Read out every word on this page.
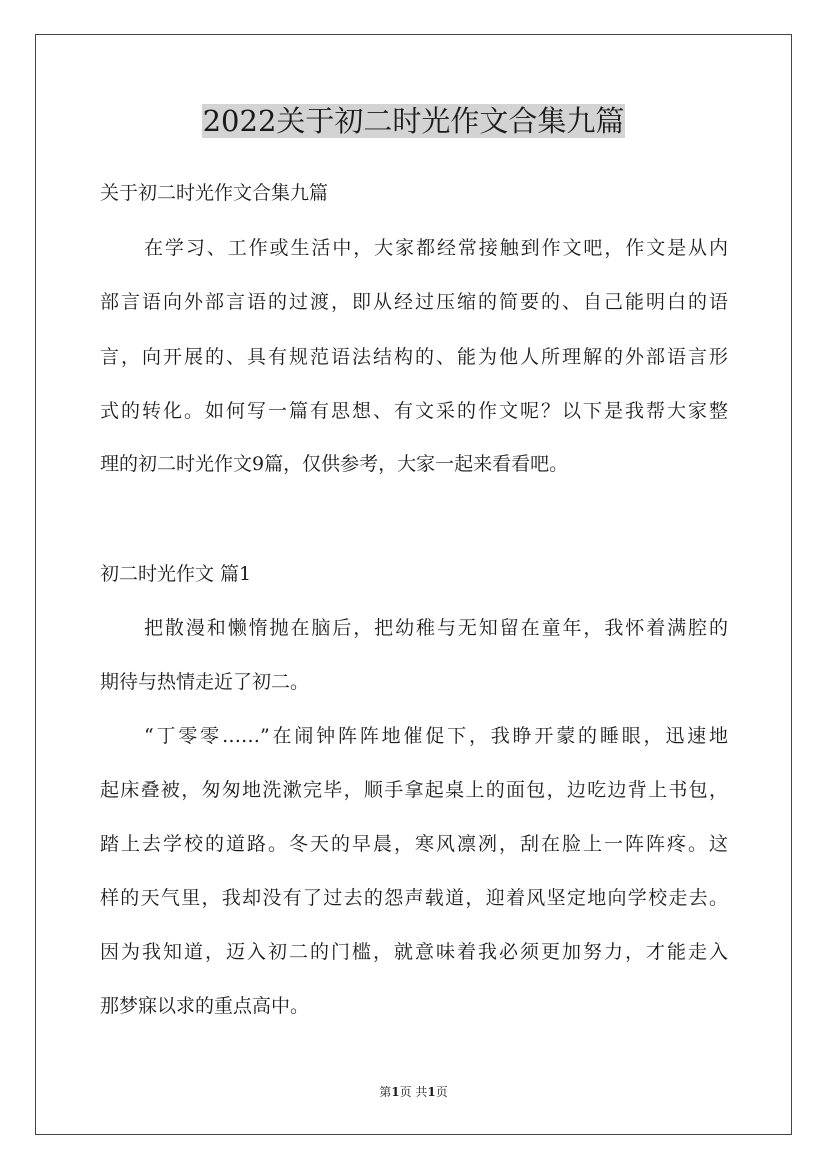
2022关于初二时光作文合集九篇

关于初二时光作文合集九篇

在学习、工作或生活中，大家都经常接触到作文吧，作文是从内

部言语向外部言语的过渡，即从经过压缩的简要的、自己能明白的语

言，向开展的、具有规范语法结构的、能为他人所理解的外部语言形

式的转化。如何写一篇有思想、有文采的作文呢？以下是我帮大家整

理的初二时光作文9篇，仅供参考，大家一起来看看吧。

初二时光作文 篇1

把散漫和懒惰抛在脑后，把幼稚与无知留在童年，我怀着满腔的

期待与热情走近了初二。

“丁零零……”在闹钟阵阵地催促下，我睁开蒙的睡眼，迅速地

起床叠被，匆匆地洗漱完毕，顺手拿起桌上的面包，边吃边背上书包，

踏上去学校的道路。冬天的早晨，寒风凛冽，刮在脸上一阵阵疼。这

样的天气里，我却没有了过去的怨声载道，迎着风坚定地向学校走去。

因为我知道，迈入初二的门槛，就意味着我必须更加努力，才能走入

那梦寐以求的重点高中。

第1页 共1页
